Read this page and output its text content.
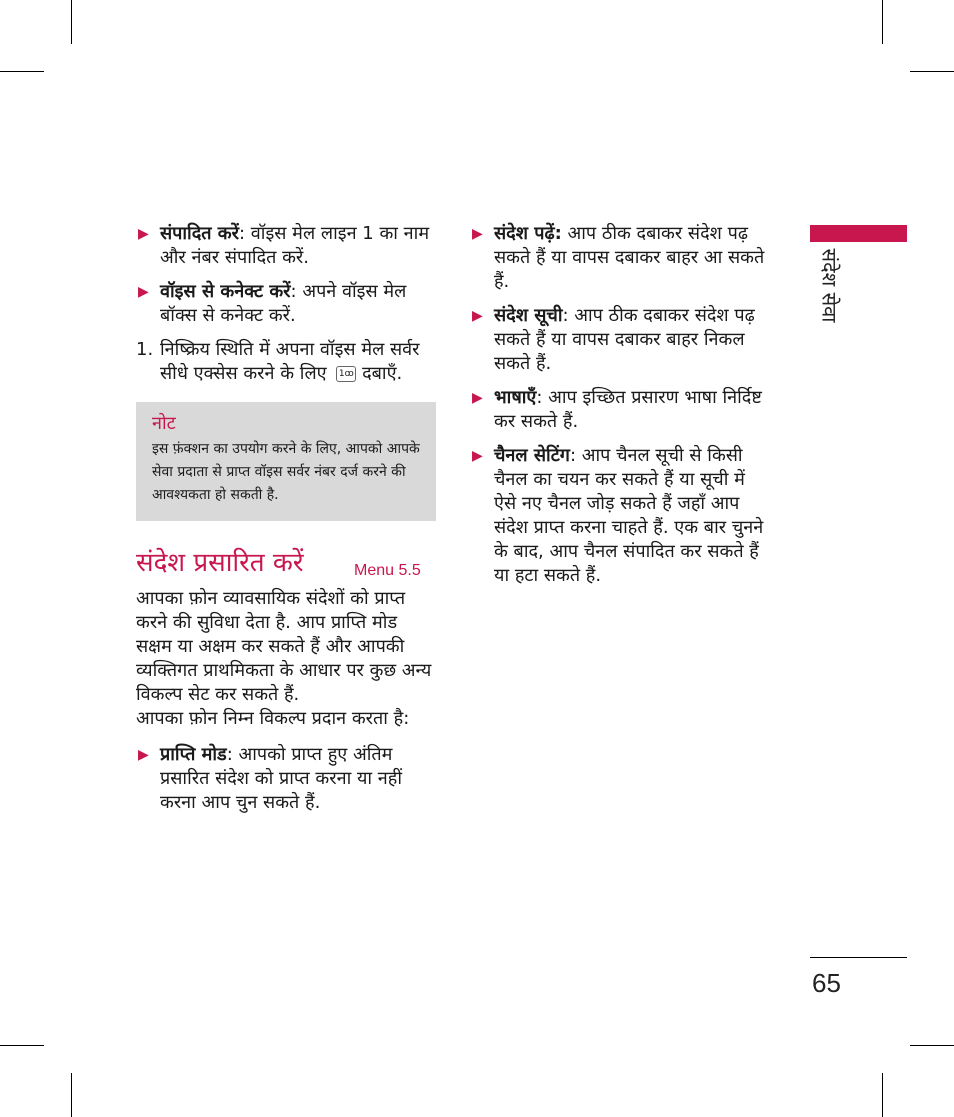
▶ संपादित करें: वॉइस मेल लाइन 1 का नाम और नंबर संपादित करें.
▶ वॉइस से कनेक्ट करें: अपने वॉइस मेल बॉक्स से कनेक्ट करें.
1. निष्क्रिय स्थिति में अपना वॉइस मेल सर्वर सीधे एक्सेस करने के लिए 1ꝏ दबाएँ.
नोट
इस फ़ंक्शन का उपयोग करने के लिए, आपको आपके सेवा प्रदाता से प्राप्त वॉइस सर्वर नंबर दर्ज करने की आवश्यकता हो सकती है.
संदेश प्रसारित करें	Menu 5.5

आपका फ़ोन व्यावसायिक संदेशों को प्राप्त करने की सुविधा देता है. आप प्राप्ति मोड सक्षम या अक्षम कर सकते हैं और आपकी व्यक्तिगत प्राथमिकता के आधार पर कुछ अन्य विकल्प सेट कर सकते हैं.

आपका फ़ोन निम्न विकल्प प्रदान करता है:

▶ प्राप्ति मोड: आपको प्राप्त हुए अंतिम प्रसारित संदेश को प्राप्त करना या नहीं करना आप चुन सकते हैं.
▶ संदेश पढ़ें: आप ठीक दबाकर संदेश पढ़ सकते हैं या वापस दबाकर बाहर आ सकते हैं.
▶ संदेश सूची: आप ठीक दबाकर संदेश पढ़ सकते हैं या वापस दबाकर बाहर निकल सकते हैं.
▶ भाषाएँ: आप इच्छित प्रसारण भाषा निर्दिष्ट कर सकते हैं.
▶ चैनल सेटिंग: आप चैनल सूची से किसी चैनल का चयन कर सकते हैं या सूची में ऐसे नए चैनल जोड़ सकते हैं जहाँ आप संदेश प्राप्त करना चाहते हैं. एक बार चुनने के बाद, आप चैनल संपादित कर सकते हैं या हटा सकते हैं.
संदेश सेवा
65
